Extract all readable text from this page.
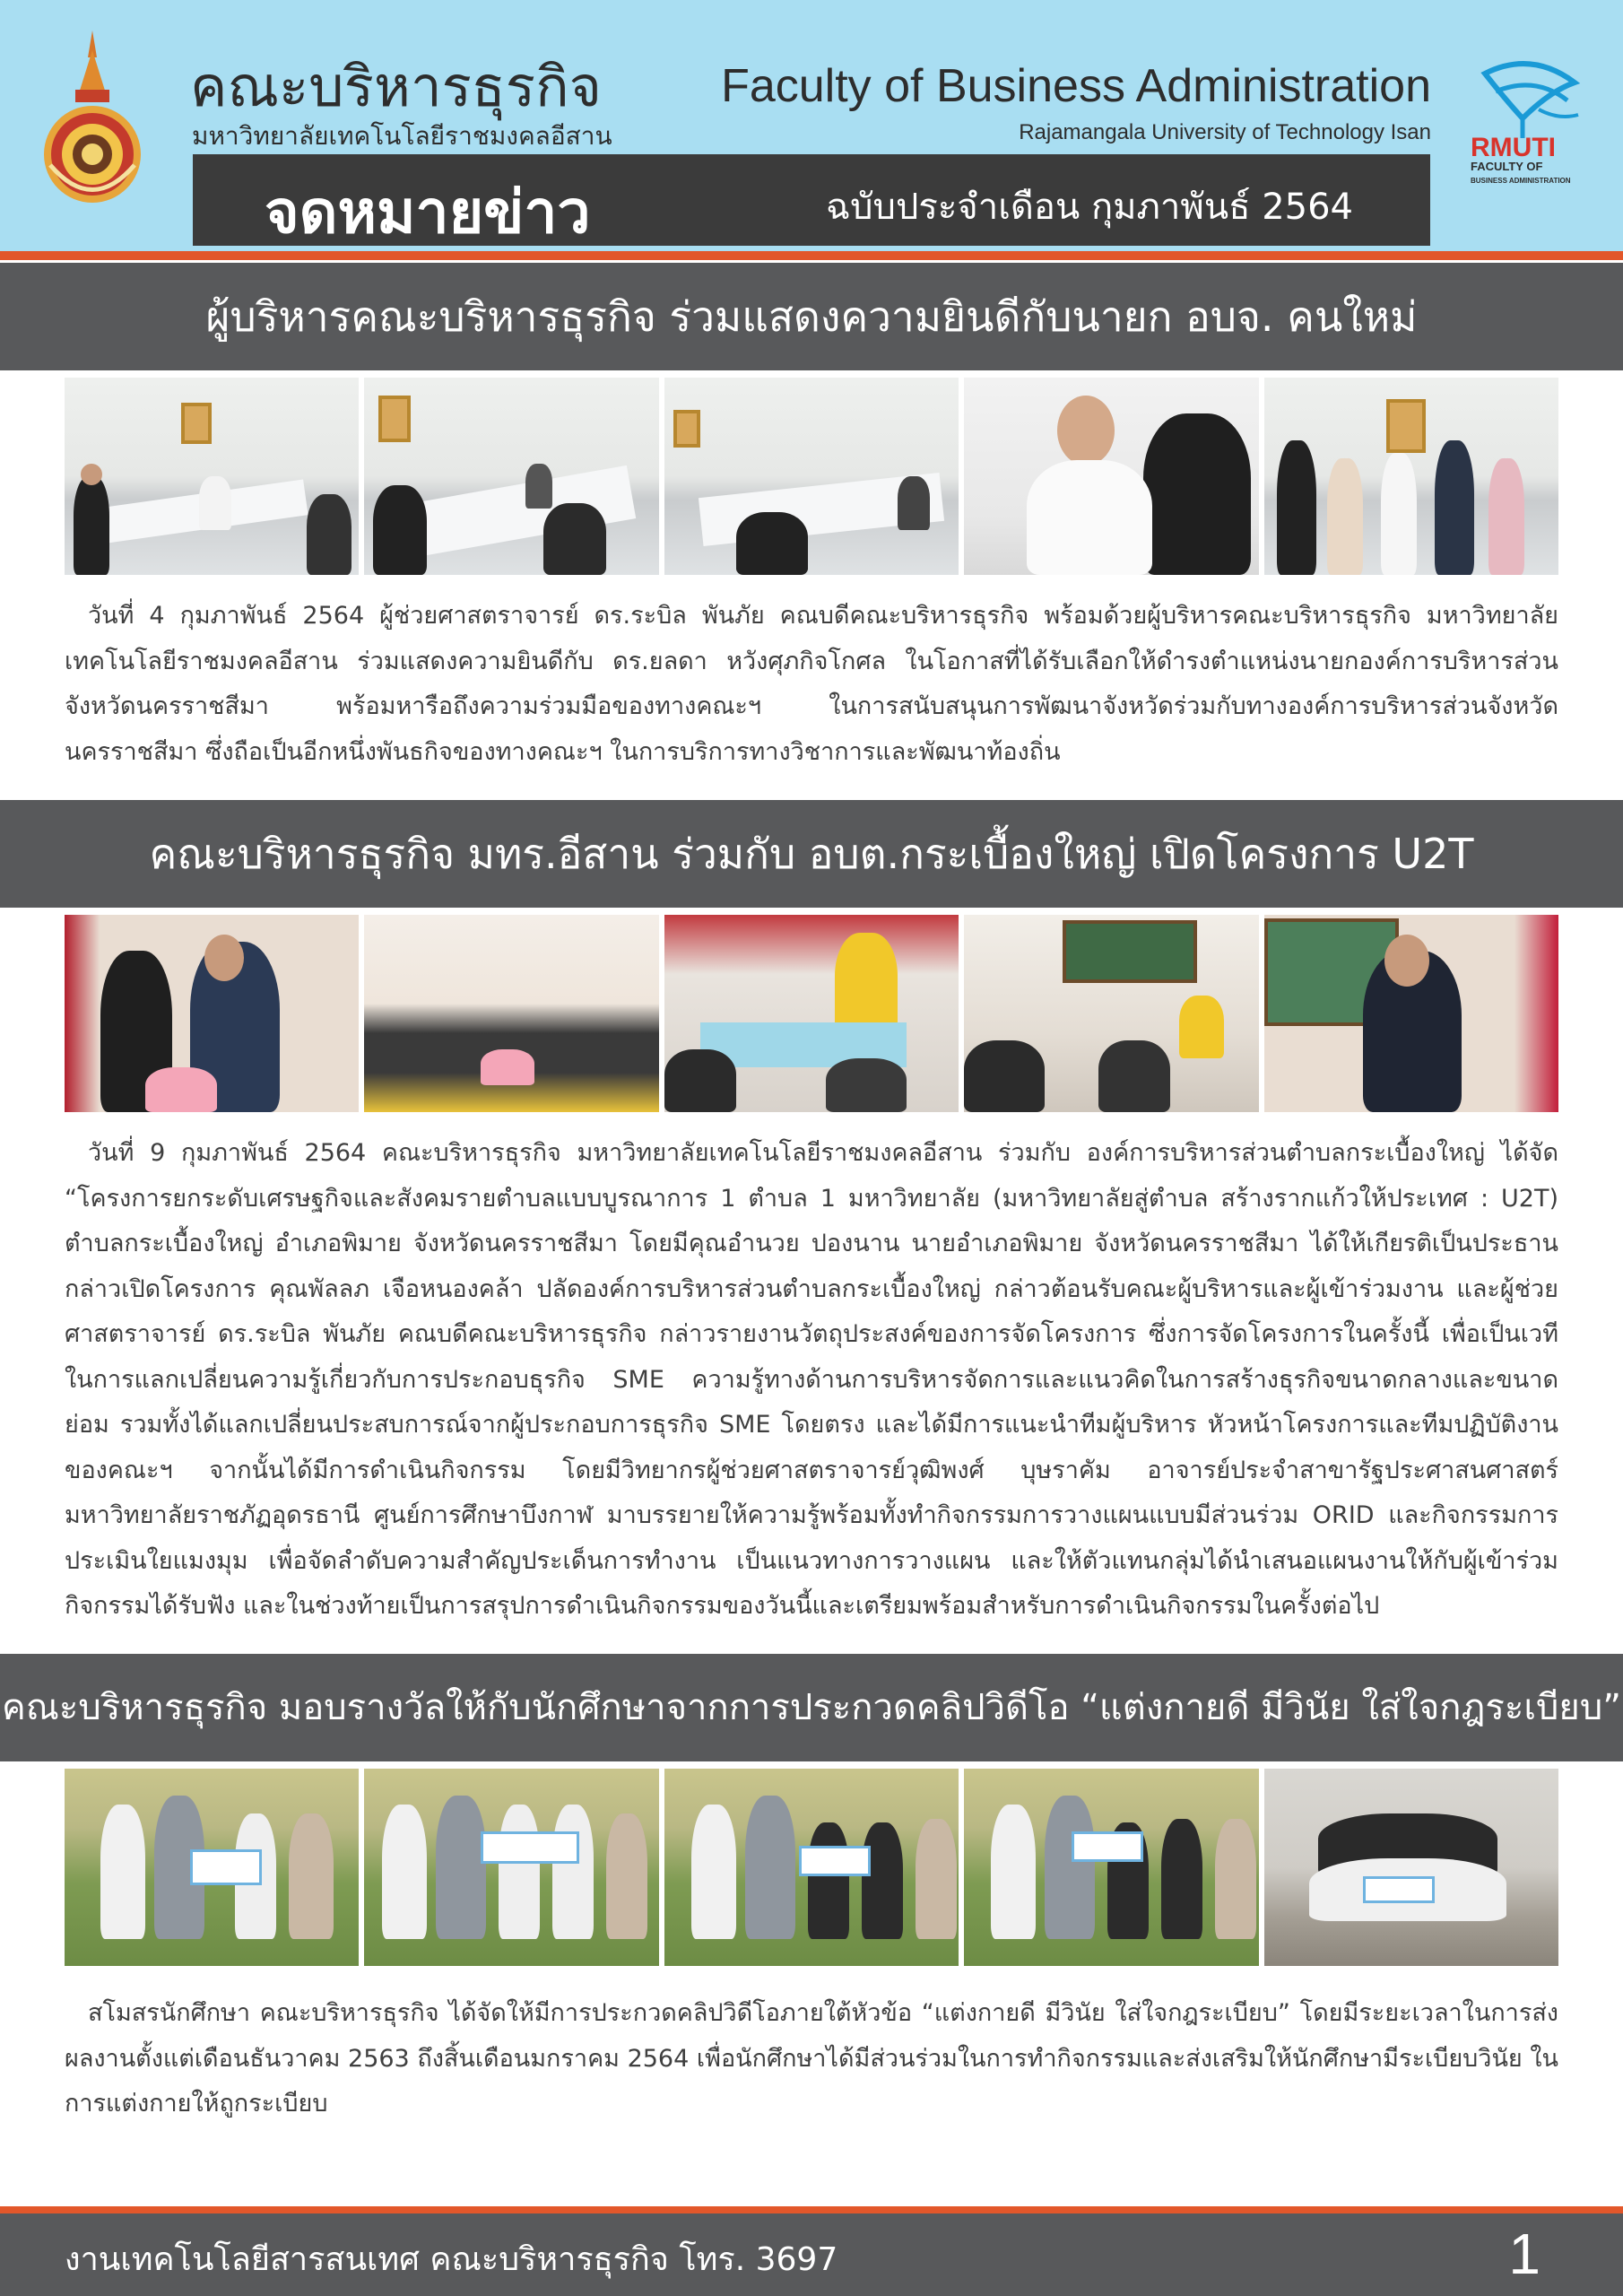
คณะบริหารธุรกิจ
มหาวิทยาลัยเทคโนโลยีราชมงคลอีสาน
Faculty of Business Administration
Rajamangala University of Technology Isan
RMUTI
FACULTY OF
BUSINESS ADMINISTRATION
จดหมายข่าว	ฉบับประจำเดือน กุมภาพันธ์ 2564
ผู้บริหารคณะบริหารธุรกิจ ร่วมแสดงความยินดีกับนายก อบจ. คนใหม่
วันที่ 4 กุมภาพันธ์ 2564 ผู้ช่วยศาสตราจารย์ ดร.ระบิล พันภัย คณบดีคณะบริหารธุรกิจ พร้อมด้วยผู้บริหารคณะบริหารธุรกิจ มหาวิทยาลัยเทคโนโลยีราชมงคลอีสาน ร่วมแสดงความยินดีกับ ดร.ยลดา หวังศุภกิจโกศล ในโอกาสที่ได้รับเลือกให้ดำรงตำแหน่งนายกองค์การบริหารส่วนจังหวัดนครราชสีมา พร้อมหารือถึงความร่วมมือของทางคณะฯ ในการสนับสนุนการพัฒนาจังหวัดร่วมกับทางองค์การบริหารส่วนจังหวัดนครราชสีมา ซึ่งถือเป็นอีกหนึ่งพันธกิจของทางคณะฯ ในการบริการทางวิชาการและพัฒนาท้องถิ่น
คณะบริหารธุรกิจ มทร.อีสาน ร่วมกับ อบต.กระเบื้องใหญ่ เปิดโครงการ U2T
วันที่ 9 กุมภาพันธ์ 2564 คณะบริหารธุรกิจ มหาวิทยาลัยเทคโนโลยีราชมงคลอีสาน ร่วมกับ องค์การบริหารส่วนตำบลกระเบื้องใหญ่ ได้จัด “โครงการยกระดับเศรษฐกิจและสังคมรายตำบลแบบบูรณาการ 1 ตำบล 1 มหาวิทยาลัย (มหาวิทยาลัยสู่ตำบล สร้างรากแก้วให้ประเทศ : U2T) ตำบลกระเบื้องใหญ่ อำเภอพิมาย จังหวัดนครราชสีมา โดยมีคุณอำนวย ปองนาน นายอำเภอพิมาย จังหวัดนครราชสีมา ได้ให้เกียรติเป็นประธานกล่าวเปิดโครงการ คุณพัลลภ เจือหนองคล้า ปลัดองค์การบริหารส่วนตำบลกระเบื้องใหญ่ กล่าวต้อนรับคณะผู้บริหารและผู้เข้าร่วมงาน และผู้ช่วยศาสตราจารย์ ดร.ระบิล พันภัย คณบดีคณะบริหารธุรกิจ กล่าวรายงานวัตถุประสงค์ของการจัดโครงการ ซึ่งการจัดโครงการในครั้งนี้ เพื่อเป็นเวทีในการแลกเปลี่ยนความรู้เกี่ยวกับการประกอบธุรกิจ SME ความรู้ทางด้านการบริหารจัดการและแนวคิดในการสร้างธุรกิจขนาดกลางและขนาดย่อม รวมทั้งได้แลกเปลี่ยนประสบการณ์จากผู้ประกอบการธุรกิจ SME โดยตรง และได้มีการแนะนำทีมผู้บริหาร หัวหน้าโครงการและทีมปฏิบัติงานของคณะฯ จากนั้นได้มีการดำเนินกิจกรรม โดยมีวิทยากรผู้ช่วยศาสตราจารย์วุฒิพงศ์ บุษราคัม อาจารย์ประจำสาขารัฐประศาสนศาสตร์ มหาวิทยาลัยราชภัฏอุดรธานี ศูนย์การศึกษาบึงกาฬ มาบรรยายให้ความรู้พร้อมทั้งทำกิจกรรมการวางแผนแบบมีส่วนร่วม ORID และกิจกรรมการประเมินใยแมงมุม เพื่อจัดลำดับความสำคัญประเด็นการทำงาน เป็นแนวทางการวางแผน และให้ตัวแทนกลุ่มได้นำเสนอแผนงานให้กับผู้เข้าร่วมกิจกรรมได้รับฟัง และในช่วงท้ายเป็นการสรุปการดำเนินกิจกรรมของวันนี้และเตรียมพร้อมสำหรับการดำเนินกิจกรรมในครั้งต่อไป
คณะบริหารธุรกิจ มอบรางวัลให้กับนักศึกษาจากการประกวดคลิปวิดีโอ “แต่งกายดี มีวินัย ใส่ใจกฎระเบียบ”
สโมสรนักศึกษา คณะบริหารธุรกิจ ได้จัดให้มีการประกวดคลิปวิดีโอภายใต้หัวข้อ “แต่งกายดี มีวินัย ใส่ใจกฎระเบียบ” โดยมีระยะเวลาในการส่งผลงานตั้งแต่เดือนธันวาคม 2563 ถึงสิ้นเดือนมกราคม 2564 เพื่อนักศึกษาได้มีส่วนร่วมในการทำกิจกรรมและส่งเสริมให้นักศึกษามีระเบียบวินัย ในการแต่งกายให้ถูกระเบียบ
งานเทคโนโลยีสารสนเทศ คณะบริหารธุรกิจ โทร. 3697	1
